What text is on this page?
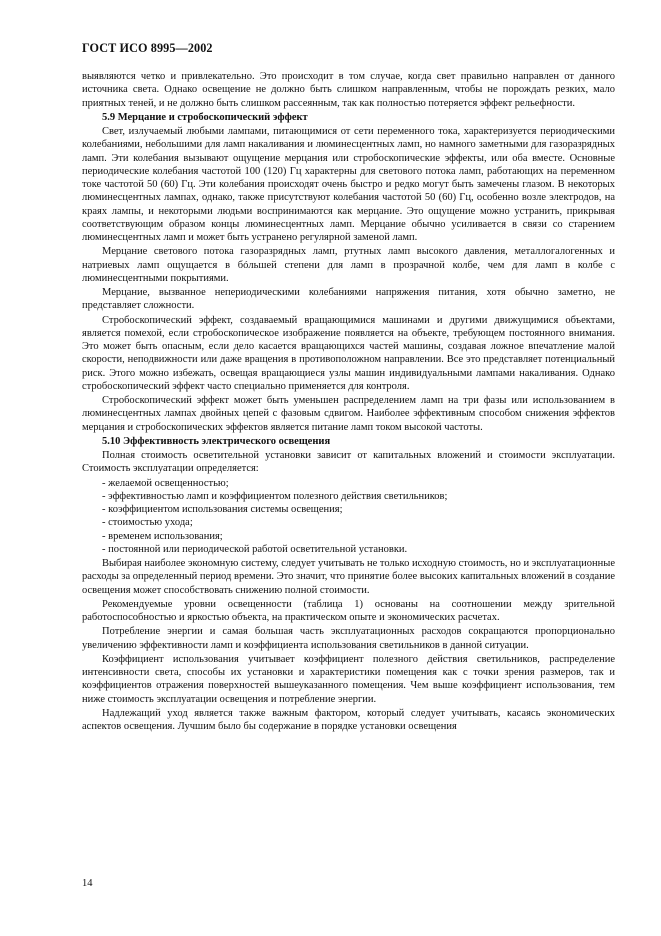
ГОСТ ИСО 8995—2002

выявляются четко и привлекательно. Это происходит в том случае, когда свет правильно направлен от данного источника света. Однако освещение не должно быть слишком направленным, чтобы не порождать резких, мало приятных теней, и не должно быть слишком рассеянным, так как полностью потеряется эффект рельефности.

5.9 Мерцание и стробоскопический эффект

Свет, излучаемый любыми лампами, питающимися от сети переменного тока, характеризуется периодическими колебаниями, небольшими для ламп накаливания и люминесцентных ламп, но намного заметными для газоразрядных ламп. Эти колебания вызывают ощущение мерцания или стробоскопические эффекты, или оба вместе. Основные периодические колебания частотой 100 (120) Гц характерны для светового потока ламп, работающих на переменном токе частотой 50 (60) Гц. Эти колебания происходят очень быстро и редко могут быть замечены глазом. В некоторых люминесцентных лампах, однако, также присутствуют колебания частотой 50 (60) Гц, особенно возле электродов, на краях лампы, и некоторыми людьми воспринимаются как мерцание. Это ощущение можно устранить, прикрывая соответствующим образом концы люминесцентных ламп. Мерцание обычно усиливается в связи со старением люминесцентных ламп и может быть устранено регулярной заменой ламп.

Мерцание светового потока газоразрядных ламп, ртутных ламп высокого давления, металлогалогенных и натриевых ламп ощущается в бóльшей степени для ламп в прозрачной колбе, чем для ламп в колбе с люминесцентными покрытиями.

Мерцание, вызванное непериодическими колебаниями напряжения питания, хотя обычно заметно, не представляет сложности.

Стробоскопический эффект, создаваемый вращающимися машинами и другими движущимися объектами, является помехой, если стробоскопическое изображение появляется на объекте, требующем постоянного внимания. Это может быть опасным, если дело касается вращающихся частей машины, создавая ложное впечатление малой скорости, неподвижности или даже вращения в противоположном направлении. Все это представляет потенциальный риск. Этого можно избежать, освещая вращающиеся узлы машин индивидуальными лампами накаливания. Однако стробоскопический эффект часто специально применяется для контроля.

Стробоскопический эффект может быть уменьшен распределением ламп на три фазы или использованием в люминесцентных лампах двойных цепей с фазовым сдвигом. Наиболее эффективным способом снижения эффектов мерцания и стробоскопических эффектов является питание ламп током высокой частоты.

5.10 Эффективность электрического освещения

Полная стоимость осветительной установки зависит от капитальных вложений и стоимости эксплуатации. Стоимость эксплуатации определяется:

- желаемой освещенностью;
- эффективностью ламп и коэффициентом полезного действия светильников;
- коэффициентом использования системы освещения;
- стоимостью ухода;
- временем использования;
- постоянной или периодической работой осветительной установки.

Выбирая наиболее экономную систему, следует учитывать не только исходную стоимость, но и эксплуатационные расходы за определенный период времени. Это значит, что принятие более высоких капитальных вложений в создание освещения может способствовать снижению полной стоимости.

Рекомендуемые уровни освещенности (таблица 1) основаны на соотношении между зрительной работоспособностью и яркостью объекта, на практическом опыте и экономических расчетах.

Потребление энергии и самая большая часть эксплуатационных расходов сокращаются пропорционально увеличению эффективности ламп и коэффициента использования светильников в данной ситуации.

Коэффициент использования учитывает коэффициент полезного действия светильников, распределение интенсивности света, способы их установки и характеристики помещения как с точки зрения размеров, так и коэффициентов отражения поверхностей вышеуказанного помещения. Чем выше коэффициент использования, тем ниже стоимость эксплуатации освещения и потребление энергии.

Надлежащий уход является также важным фактором, который следует учитывать, касаясь экономических аспектов освещения. Лучшим было бы содержание в порядке установки освещения

14
